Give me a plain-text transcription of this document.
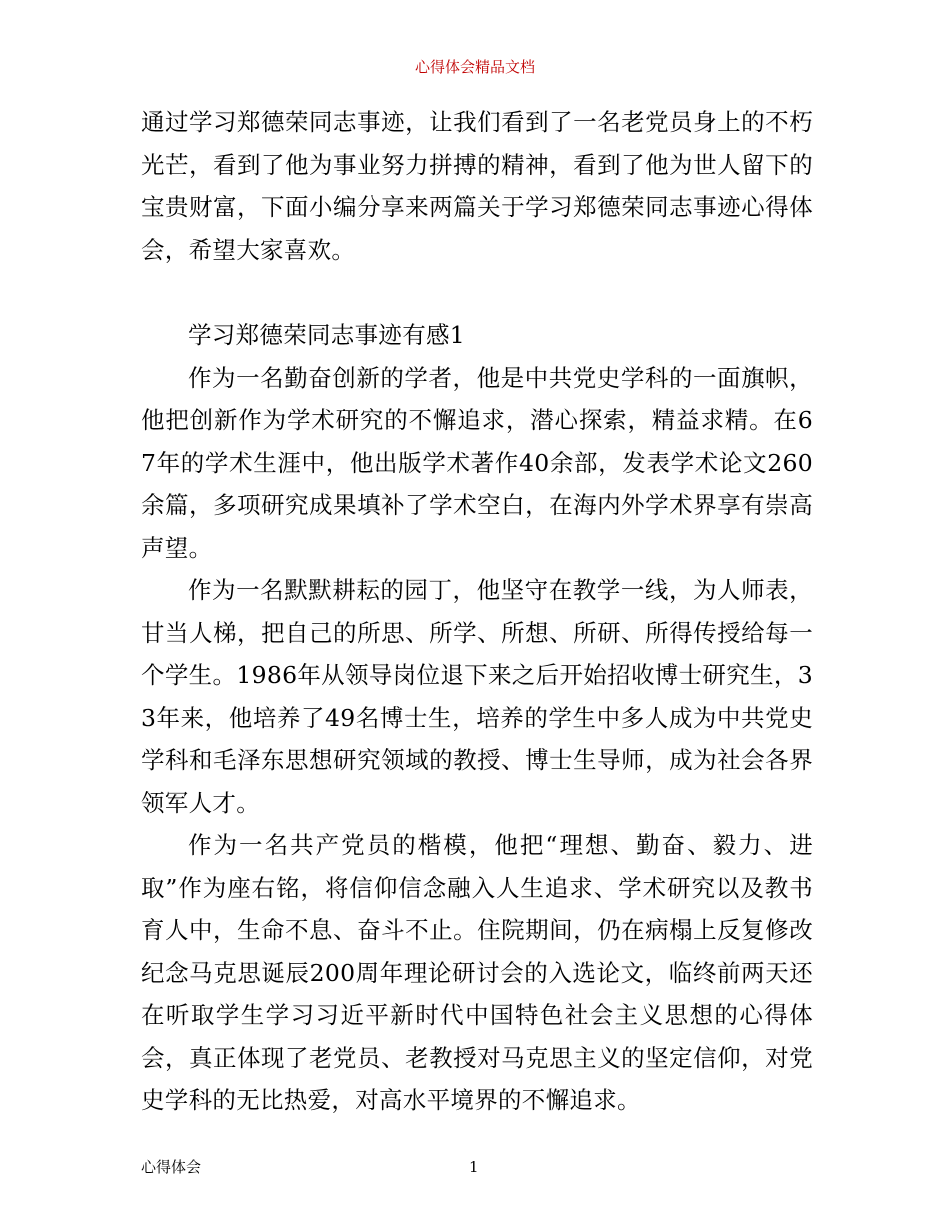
心得体会精品文档

通过学习郑德荣同志事迹，让我们看到了一名老党员身上的不朽光芒，看到了他为事业努力拼搏的精神，看到了他为世人留下的宝贵财富，下面小编分享来两篇关于学习郑德荣同志事迹心得体会，希望大家喜欢。

学习郑德荣同志事迹有感1

作为一名勤奋创新的学者，他是中共党史学科的一面旗帜，他把创新作为学术研究的不懈追求，潜心探索，精益求精。在67年的学术生涯中，他出版学术著作40余部，发表学术论文260余篇，多项研究成果填补了学术空白，在海内外学术界享有崇高声望。

作为一名默默耕耘的园丁，他坚守在教学一线，为人师表，甘当人梯，把自己的所思、所学、所想、所研、所得传授给每一个学生。1986年从领导岗位退下来之后开始招收博士研究生，33年来，他培养了49名博士生，培养的学生中多人成为中共党史学科和毛泽东思想研究领域的教授、博士生导师，成为社会各界领军人才。

作为一名共产党员的楷模，他把“理想、勤奋、毅力、进取”作为座右铭，将信仰信念融入人生追求、学术研究以及教书育人中，生命不息、奋斗不止。住院期间，仍在病榻上反复修改纪念马克思诞辰200周年理论研讨会的入选论文，临终前两天还在听取学生学习习近平新时代中国特色社会主义思想的心得体会，真正体现了老党员、老教授对马克思主义的坚定信仰，对党史学科的无比热爱，对高水平境界的不懈追求。

心得体会	1
